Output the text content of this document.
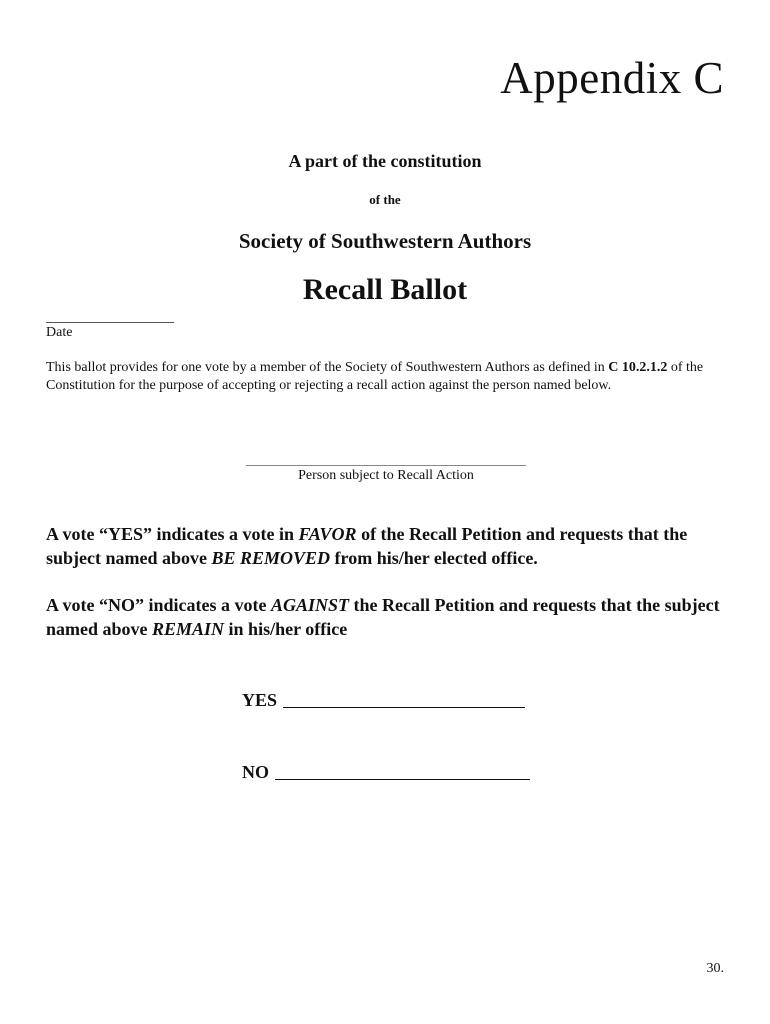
Appendix C
A part of the constitution
of the
Society of Southwestern Authors
Recall Ballot
Date
This ballot provides for one vote by a member of the Society of Southwestern Authors as defined in C 10.2.1.2 of the Constitution for the purpose of accepting or rejecting a recall action against the person named below.
Person subject to Recall Action
A vote “YES” indicates a vote in FAVOR of the Recall Petition and requests that the subject named above BE REMOVED from his/her elected office.
A vote “NO” indicates a vote AGAINST the Recall Petition and requests that the subject named above REMAIN in his/her office
YES
NO
30.
